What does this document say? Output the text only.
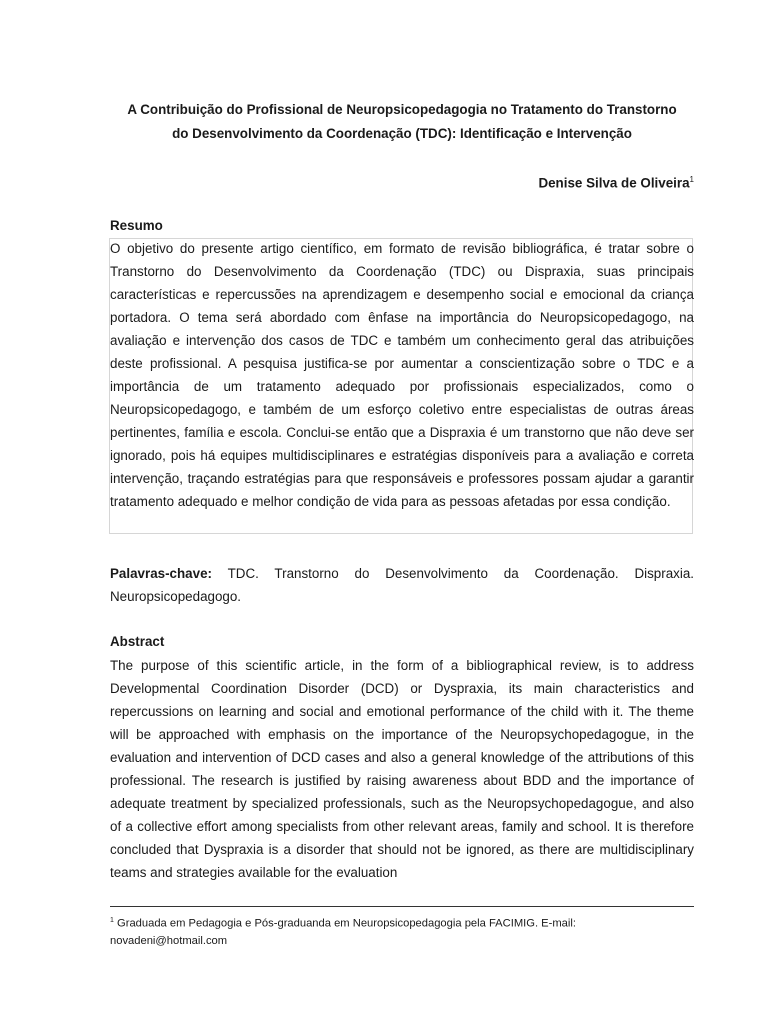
A Contribuição do Profissional de Neuropsicopedagogia no Tratamento do Transtorno
do Desenvolvimento da Coordenação (TDC): Identificação e Intervenção

Denise Silva de Oliveira$^1$

Resumo

O objetivo do presente artigo científico, em formato de revisão bibliográfica, é tratar sobre o Transtorno do Desenvolvimento da Coordenação (TDC) ou Dispraxia, suas principais características e repercussões na aprendizagem e desempenho social e emocional da criança portadora. O tema será abordado com ênfase na importância do Neuropsicopedagogo, na avaliação e intervenção dos casos de TDC e também um conhecimento geral das atribuições deste profissional. A pesquisa justifica-se por aumentar a conscientização sobre o TDC e a importância de um tratamento adequado por profissionais especializados, como o Neuropsicopedagogo, e também de um esforço coletivo entre especialistas de outras áreas pertinentes, família e escola. Conclui-se então que a Dispraxia é um transtorno que não deve ser ignorado, pois há equipes multidisciplinares e estratégias disponíveis para a avaliação e correta intervenção, traçando estratégias para que responsáveis e professores possam ajudar a garantir tratamento adequado e melhor condição de vida para as pessoas afetadas por essa condição.

Palavras-chave: TDC. Transtorno do Desenvolvimento da Coordenação. Dispraxia. Neuropsicopedagogo.

Abstract

The purpose of this scientific article, in the form of a bibliographical review, is to address Developmental Coordination Disorder (DCD) or Dyspraxia, its main characteristics and repercussions on learning and social and emotional performance of the child with it. The theme will be approached with emphasis on the importance of the Neuropsychopedagogue, in the evaluation and intervention of DCD cases and also a general knowledge of the attributions of this professional. The research is justified by raising awareness about BDD and the importance of adequate treatment by specialized professionals, such as the Neuropsychopedagogue, and also of a collective effort among specialists from other relevant areas, family and school. It is therefore concluded that Dyspraxia is a disorder that should not be ignored, as there are multidisciplinary teams and strategies available for the evaluation

$^1$ Graduada em Pedagogia e Pós-graduanda em Neuropsicopedagogia pela FACIMIG. E-mail: novadeni@hotmail.com
